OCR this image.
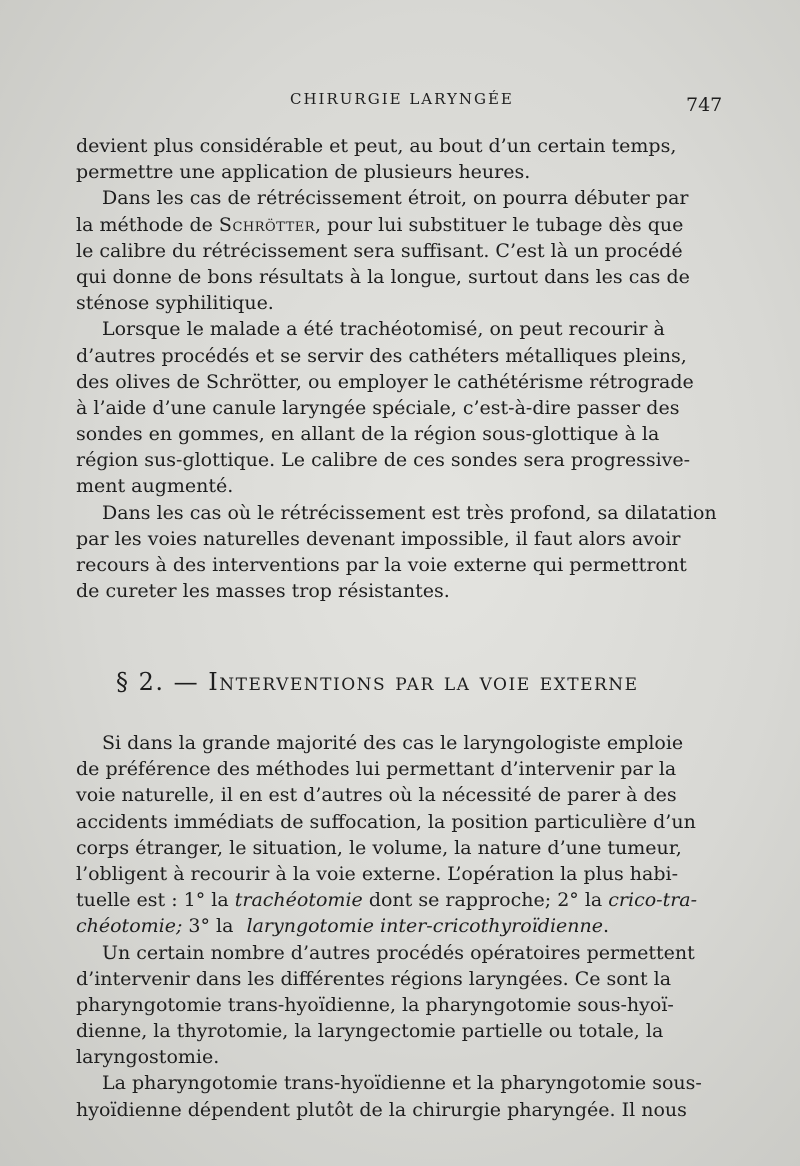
CHIRURGIE LARYNGÉE	747
devient plus considérable et peut, au bout d’un certain temps,
permettre une application de plusieurs heures.
Dans les cas de rétrécissement étroit, on pourra débuter par
la méthode de Schrötter, pour lui substituer le tubage dès que
le calibre du rétrécissement sera suffisant. C’est là un procédé
qui donne de bons résultats à la longue, surtout dans les cas de
sténose syphilitique.
Lorsque le malade a été trachéotomisé, on peut recourir à
d’autres procédés et se servir des cathéters métalliques pleins,
des olives de Schrötter, ou employer le cathétérisme rétrograde
à l’aide d’une canule laryngée spéciale, c’est-à-dire passer des
sondes en gommes, en allant de la région sous-glottique à la
région sus-glottique. Le calibre de ces sondes sera progressive-
ment augmenté.
Dans les cas où le rétrécissement est très profond, sa dilatation
par les voies naturelles devenant impossible, il faut alors avoir
recours à des interventions par la voie externe qui permettront
de cureter les masses trop résistantes.
§ 2. — Interventions par la voie externe
Si dans la grande majorité des cas le laryngologiste emploie
de préférence des méthodes lui permettant d’intervenir par la
voie naturelle, il en est d’autres où la nécessité de parer à des
accidents immédiats de suffocation, la position particulière d’un
corps étranger, le situation, le volume, la nature d’une tumeur,
l’obligent à recourir à la voie externe. L’opération la plus habi-
tuelle est : 1° la trachéotomie dont se rapproche; 2° la crico-tra-
chéotomie; 3° la laryngotomie inter-cricothyroïdienne.
Un certain nombre d’autres procédés opératoires permettent
d’intervenir dans les différentes régions laryngées. Ce sont la
pharyngotomie trans-hyoïdienne, la pharyngotomie sous-hyoï-
dienne, la thyrotomie, la laryngectomie partielle ou totale, la
laryngostomie.
La pharyngotomie trans-hyoïdienne et la pharyngotomie sous-
hyoïdienne dépendent plutôt de la chirurgie pharyngée. Il nous
